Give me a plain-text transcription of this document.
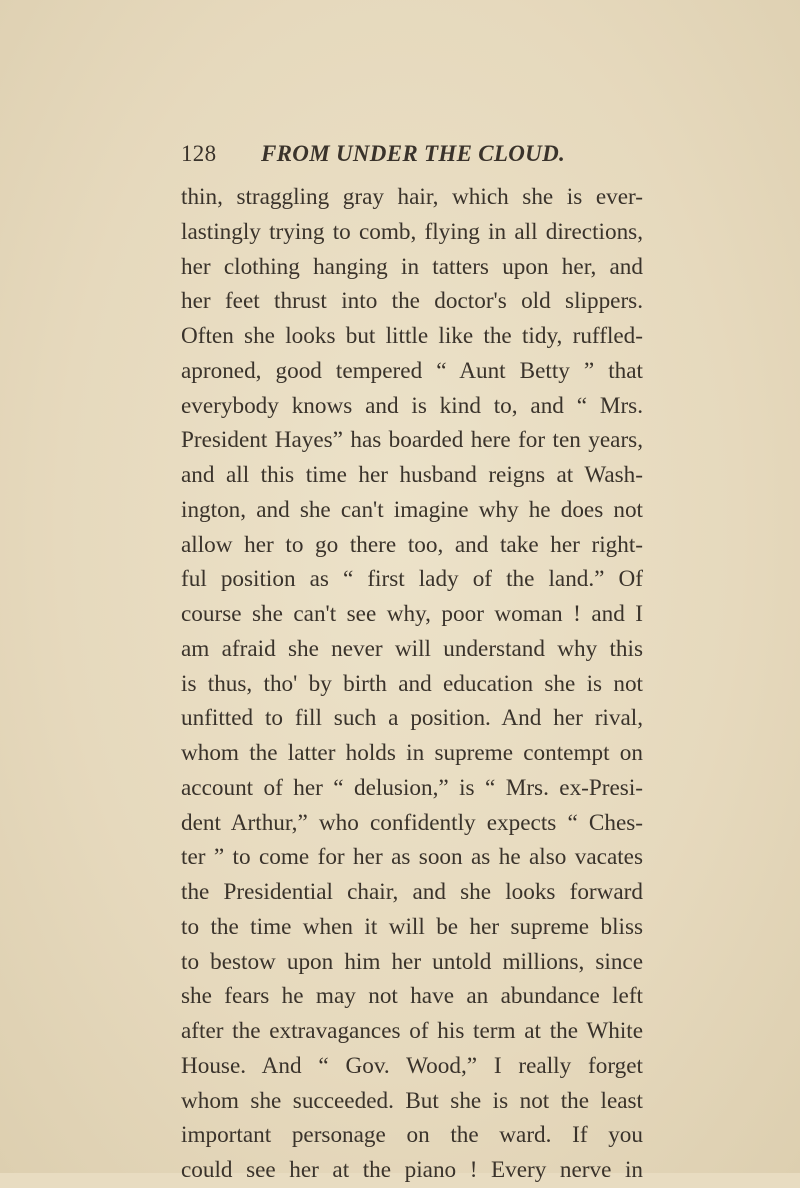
128 FROM UNDER THE CLOUD.
thin, straggling gray hair, which she is ever-
lastingly trying to comb, flying in all directions,
her clothing hanging in tatters upon her, and
her feet thrust into the doctor's old slippers.
Often she looks but little like the tidy, ruffled-
aproned, good tempered “ Aunt Betty ” that
everybody knows and is kind to, and “ Mrs.
President Hayes” has boarded here for ten years,
and all this time her husband reigns at Wash-
ington, and she can't imagine why he does not
allow her to go there too, and take her right-
ful position as “ first lady of the land.” Of
course she can't see why, poor woman ! and I
am afraid she never will understand why this
is thus, tho' by birth and education she is not
unfitted to fill such a position. And her rival,
whom the latter holds in supreme contempt on
account of her “ delusion,” is “ Mrs. ex-Presi-
dent Arthur,” who confidently expects “ Ches-
ter ” to come for her as soon as he also vacates
the Presidential chair, and she looks forward
to the time when it will be her supreme bliss
to bestow upon him her untold millions, since
she fears he may not have an abundance left
after the extravagances of his term at the White
House. And “ Gov. Wood,” I really forget
whom she succeeded. But she is not the least
important personage on the ward. If you
could see her at the piano ! Every nerve in
